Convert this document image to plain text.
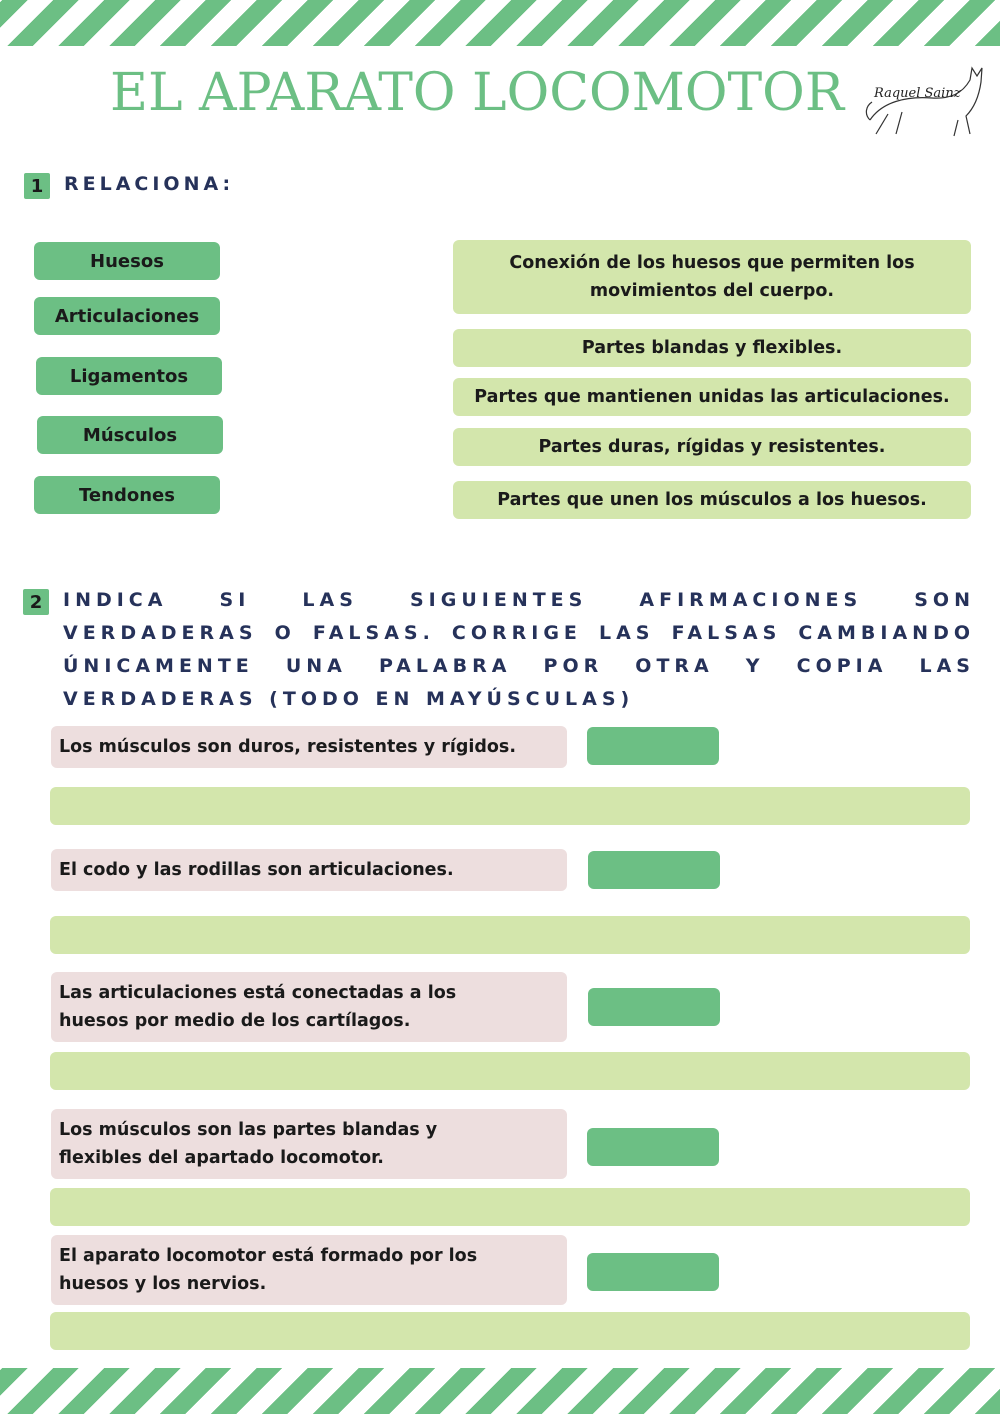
EL APARATO LOCOMOTOR	Raquel Sainz
1	RELACIONA:
Huesos
Articulaciones
Ligamentos
Músculos
Tendones
Conexión de los huesos que permiten los movimientos del cuerpo.
Partes blandas y flexibles.
Partes que mantienen unidas las articulaciones.
Partes duras, rígidas y resistentes.
Partes que unen los músculos a los huesos.
2	INDICA SI LAS SIGUIENTES AFIRMACIONES SON VERDADERAS O FALSAS. CORRIGE LAS FALSAS CAMBIANDO ÚNICAMENTE UNA PALABRA POR OTRA Y COPIA LAS VERDADERAS (TODO EN MAYÚSCULAS)
Los músculos son duros, resistentes y rígidos.
El codo y las rodillas son articulaciones.
Las articulaciones está conectadas a los huesos por medio de los cartílagos.
Los músculos son las partes blandas y flexibles del apartado locomotor.
El aparato locomotor está formado por los huesos y los nervios.
